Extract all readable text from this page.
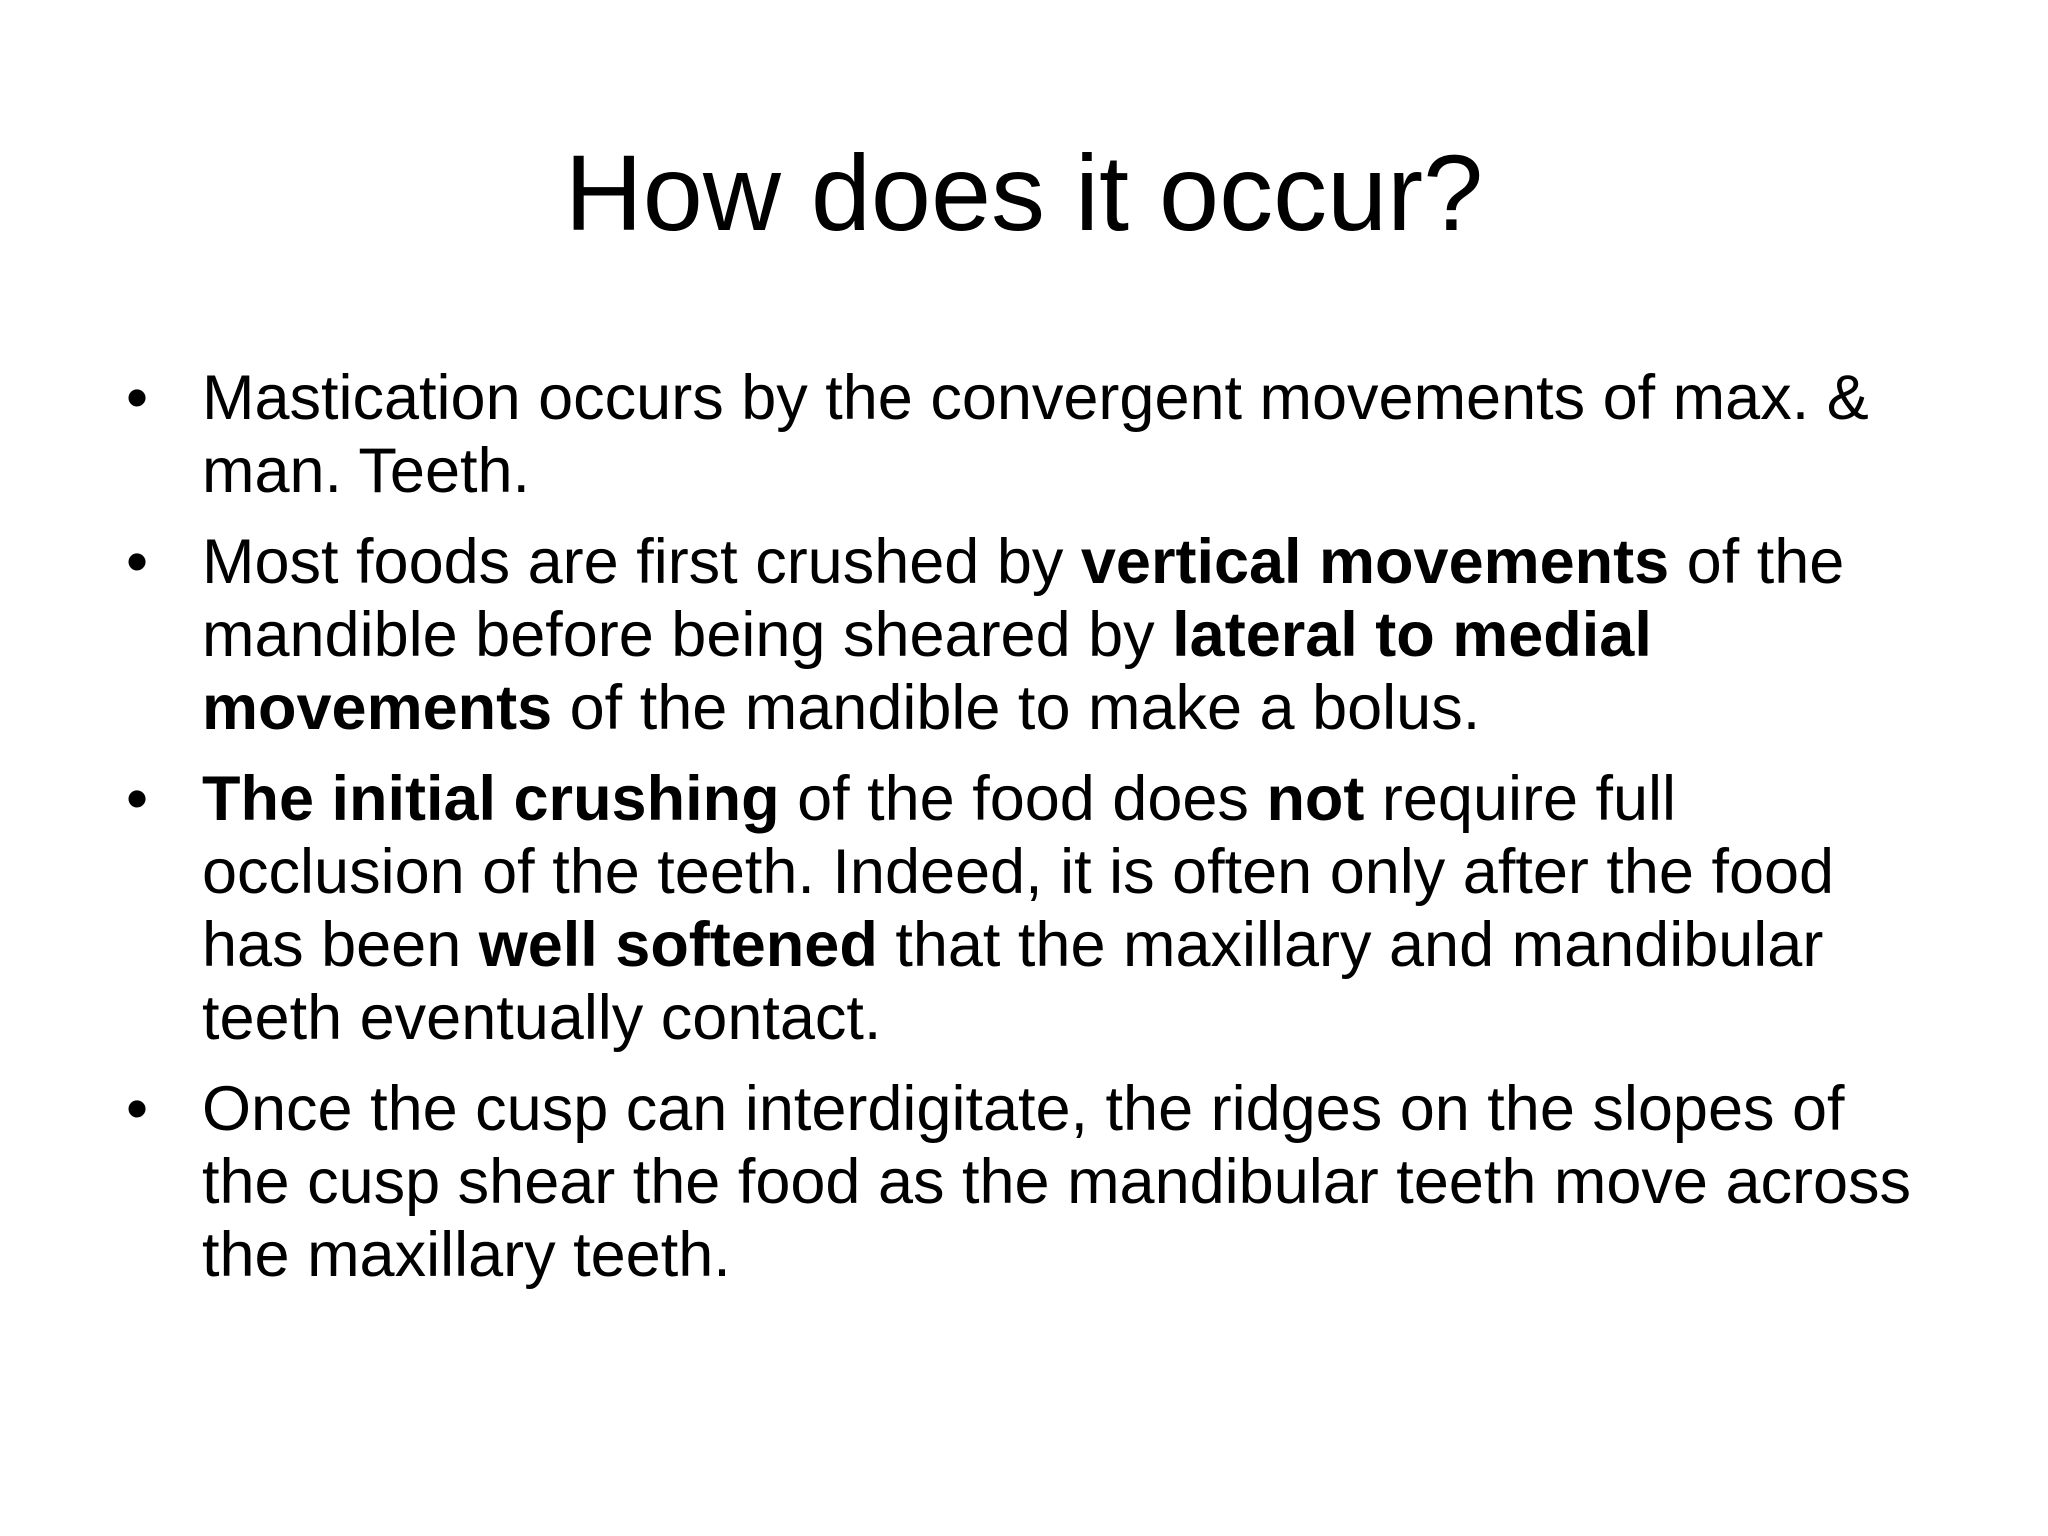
How does it occur?
• Mastication occurs by the convergent movements of max. & man. Teeth.
• Most foods are first crushed by vertical movements of the mandible before being sheared by lateral to medial movements of the mandible to make a bolus.
• The initial crushing of the food does not require full occlusion of the teeth. Indeed, it is often only after the food has been well softened that the maxillary and mandibular teeth eventually contact.
• Once the cusp can interdigitate, the ridges on the slopes of the cusp shear the food as the mandibular teeth move across the maxillary teeth.
